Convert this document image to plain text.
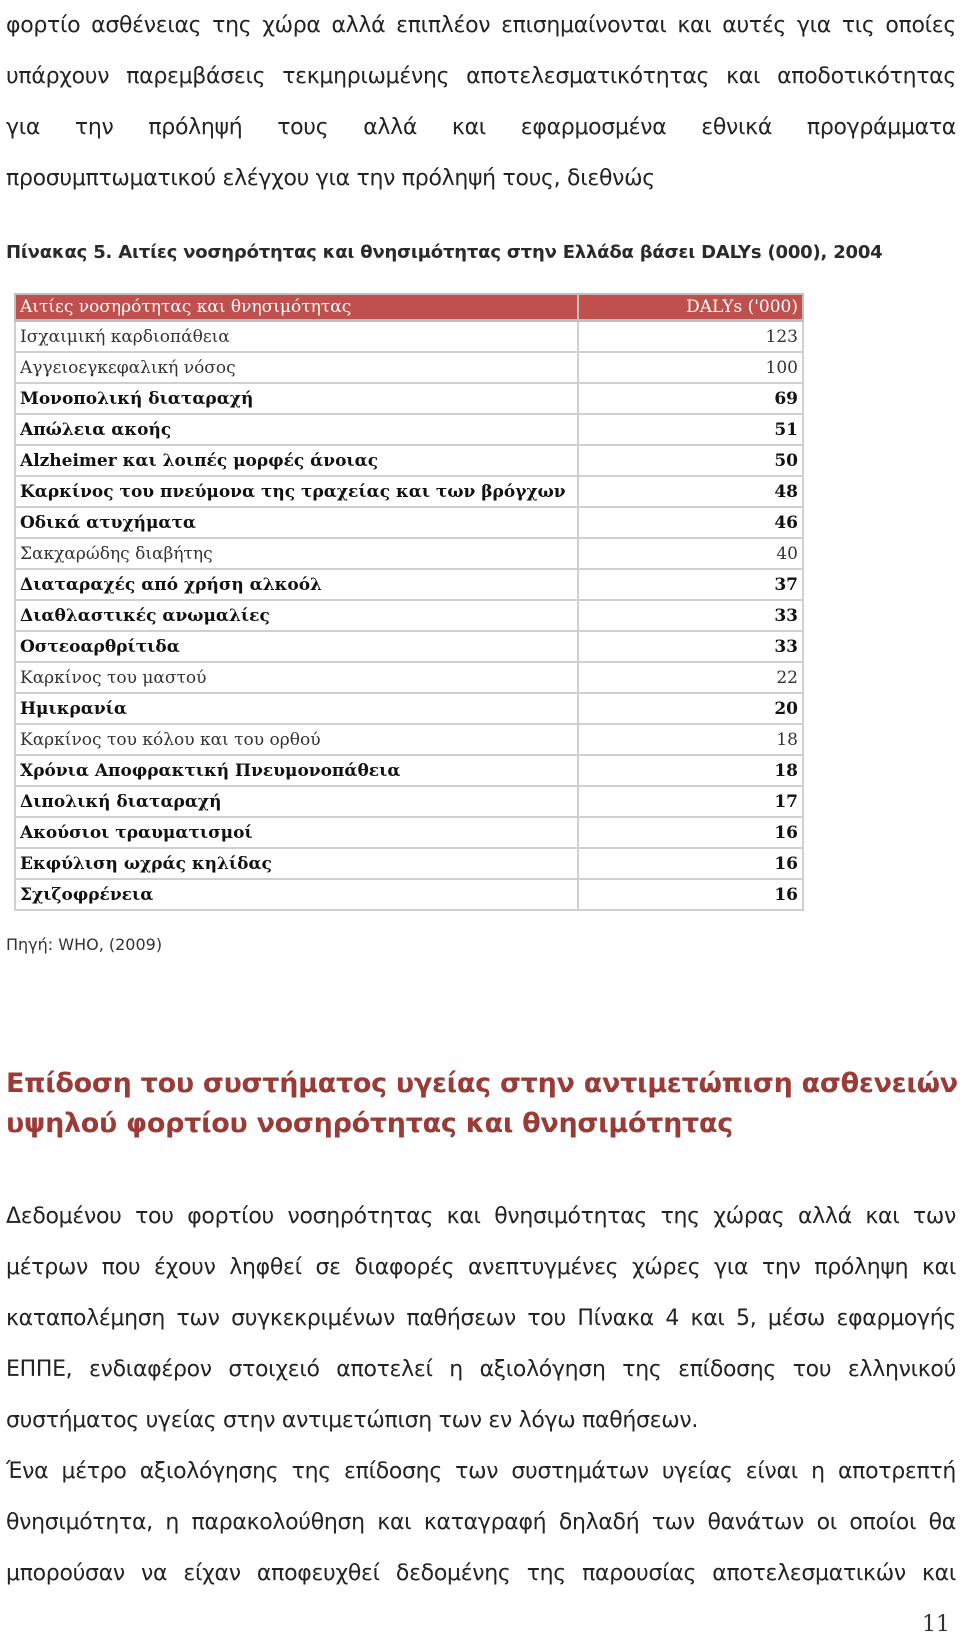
φορτίο ασθένειας της χώρα αλλά επιπλέον επισημαίνονται και αυτές για τις οποίες
υπάρχουν παρεμβάσεις τεκμηριωμένης αποτελεσματικότητας και αποδοτικότητας
για την πρόληψή τους αλλά και εφαρμοσμένα εθνικά προγράμματα
προσυμπτωματικού ελέγχου για την πρόληψή τους, διεθνώς

Πίνακας 5. Αιτίες νοσηρότητας και θνησιμότητας στην Ελλάδα βάσει DALYs (000), 2004

Αιτίες νοσηρότητας και θνησιμότητας	DALYs ('000)
Ισχαιμική καρδιοπάθεια	123
Αγγειοεγκεφαλική νόσος	100
Μονοπολική διαταραχή	69
Απώλεια ακοής	51
Alzheimer και λοιπές μορφές άνοιας	50
Καρκίνος του πνεύμονα της τραχείας και των βρόγχων	48
Οδικά ατυχήματα	46
Σακχαρώδης διαβήτης	40
Διαταραχές από χρήση αλκοόλ	37
Διαθλαστικές ανωμαλίες	33
Οστεοαρθρίτιδα	33
Καρκίνος του μαστού	22
Ημικρανία	20
Καρκίνος του κόλου και του ορθού	18
Χρόνια Αποφρακτική Πνευμονοπάθεια	18
Διπολική διαταραχή	17
Ακούσιοι τραυματισμοί	16
Εκφύλιση ωχράς κηλίδας	16
Σχιζοφρένεια	16

Πηγή: WHO, (2009)

Επίδοση του συστήματος υγείας στην αντιμετώπιση ασθενειών
υψηλού φορτίου νοσηρότητας και θνησιμότητας
Δεδομένου του φορτίου νοσηρότητας και θνησιμότητας της χώρας αλλά και των
μέτρων που έχουν ληφθεί σε διαφορές ανεπτυγμένες χώρες για την πρόληψη και
καταπολέμηση των συγκεκριμένων παθήσεων του Πίνακα 4 και 5, μέσω εφαρμογής
ΕΠΠΕ, ενδιαφέρον στοιχειό αποτελεί η αξιολόγηση της επίδοσης του ελληνικού
συστήματος υγείας στην αντιμετώπιση των εν λόγω παθήσεων.
Ένα μέτρο αξιολόγησης της επίδοσης των συστημάτων υγείας είναι η αποτρεπτή
θνησιμότητα, η παρακολούθηση και καταγραφή δηλαδή των θανάτων οι οποίοι θα
μπορούσαν να είχαν αποφευχθεί δεδομένης της παρουσίας αποτελεσματικών και

11
